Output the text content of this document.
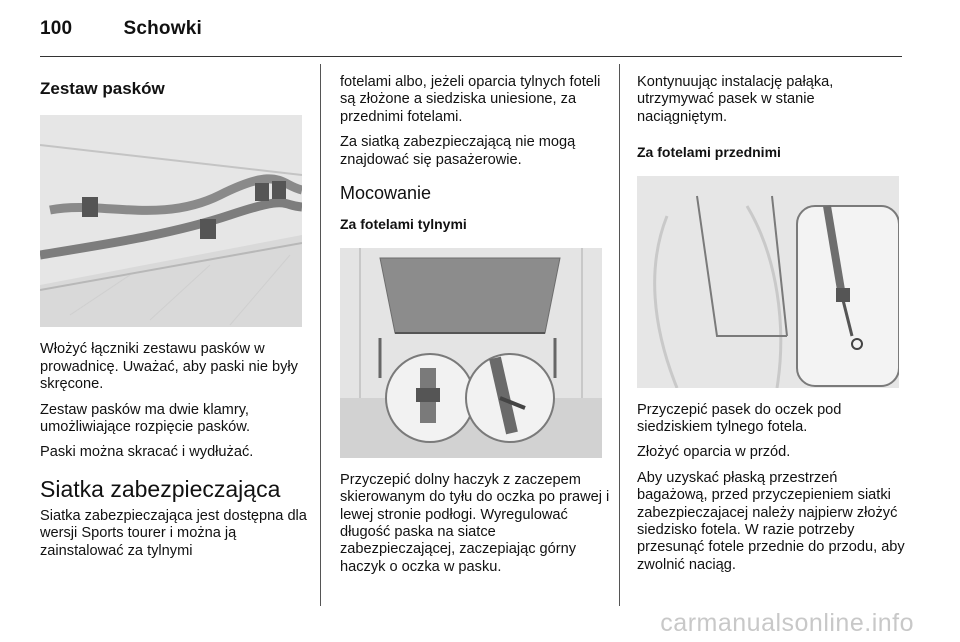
100	Schowki
Zestaw pasków

Włożyć łączniki zestawu pasków w prowadnicę. Uważać, aby paski nie były skręcone.

Zestaw pasków ma dwie klamry, umożliwiające rozpięcie pasków.

Paski można skracać i wydłużać.

Siatka zabezpieczająca

Siatka zabezpieczająca jest dostępna dla wersji Sports tourer i można ją zainstalować za tylnymi

fotelami albo, jeżeli oparcia tylnych foteli są złożone a siedziska uniesione, za przednimi fotelami.

Za siatką zabezpieczającą nie mogą znajdować się pasażerowie.

Mocowanie
Za fotelami tylnymi

Przyczepić dolny haczyk z zaczepem skierowanym do tyłu do oczka po prawej i lewej stronie podłogi. Wyregulować długość paska na siatce zabezpieczającej, zaczepiając górny haczyk o oczka w pasku.

Kontynuując instalację pałąka, utrzymywać pasek w stanie naciągniętym.

Za fotelami przednimi

Przyczepić pasek do oczek pod siedziskiem tylnego fotela.

Złożyć oparcia w przód.

Aby uzyskać płaską przestrzeń bagażową, przed przyczepieniem siatki zabezpieczajacej należy najpierw złożyć siedzisko fotela. W razie potrzeby przesunąć fotele przednie do przodu, aby zwolnić naciąg.

carmanualsonline.info
